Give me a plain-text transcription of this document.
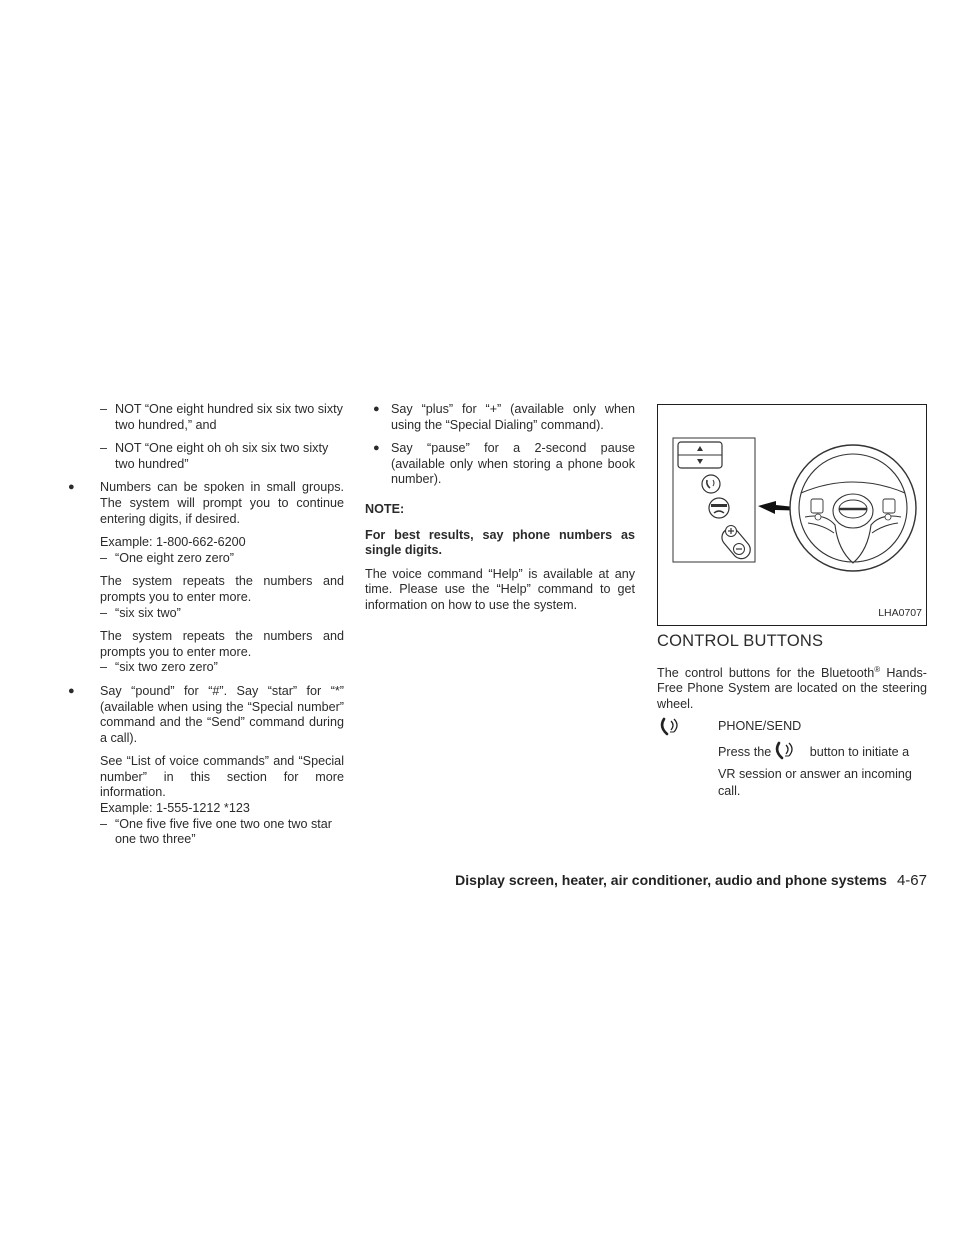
– NOT “One eight hundred six six two sixty two hundred,” and

– NOT “One eight oh oh six six two sixty two hundred”

● Numbers can be spoken in small groups. The system will prompt you to continue entering digits, if desired.

Example: 1-800-662-6200

– “One eight zero zero”

The system repeats the numbers and prompts you to enter more.

– “six six two”

The system repeats the numbers and prompts you to enter more.

– “six two zero zero”

● Say “pound” for “#”. Say “star” for “*” (available when using the “Special number” command and the “Send” command during a call).

See “List of voice commands” and “Special number” in this section for more information.

Example: 1-555-1212 *123

– “One five five five one two one two star one two three”

● Say “plus” for “+” (available only when using the “Special Dialing” command).

● Say “pause” for a 2-second pause (available only when storing a phone book number).

NOTE:

For best results, say phone numbers as single digits.

The voice command “Help” is available at any time. Please use the “Help” command to get information on how to use the system.

LHA0707

CONTROL BUTTONS

The control buttons for the Bluetooth® Hands-Free Phone System are located on the steering wheel.

PHONE/SEND

Press the	button to initiate a VR session or answer an incoming call.

Display screen, heater, air conditioner, audio and phone systems 4-67
